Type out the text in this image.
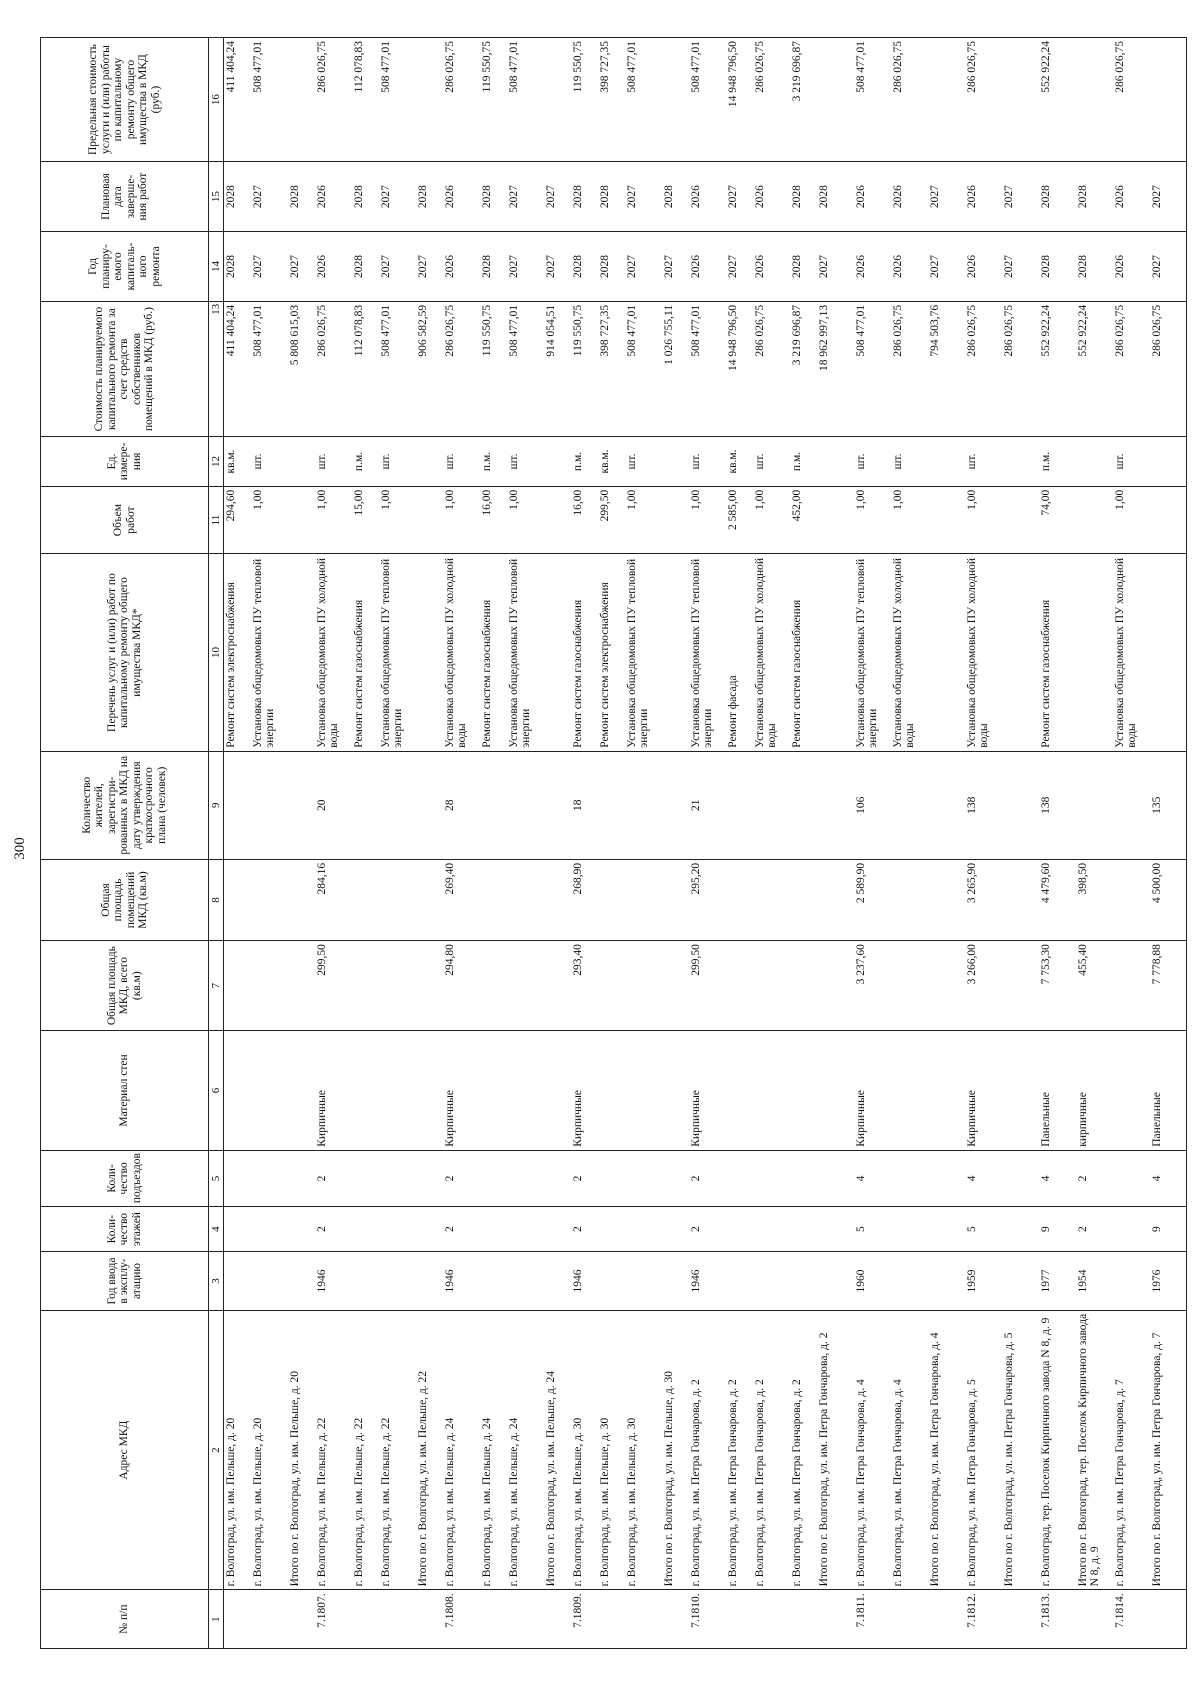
300
№ п/п	Адрес МКД	Год ввода в эксплу- атацию	Коли- чество этажей	Коли- чество подъездов	Материал стен	Общая площадь МКД, всего (кв.м)	Общая площадь помещений МКД (кв.м)	Количество жителей, зарегистри- рованных в МКД на дату утверждения краткосрочного плана (человек)	Перечень услуг и (или) работ по капитальному ремонту общего имущества МКД*	Объем работ	Ед. измере- ния	Стоимость планируемого капитального ремонта за счет средств собственников помещений в МКД (руб.)	Год планиру- емого капиталь- ного ремонта	Плановая дата заверше- ния работ	Предельная стоимость услуги и (или) работы по капитальному ремонту общего имущества в МКД (руб.)
1	2	3	4	5	6	7	8	9	10	11	12	13	14	15	16
	г. Волгоград, ул. им. Пельше, д. 20								Ремонт систем электроснабжения	294,60	кв.м.	411 404,24	2028	2028	411 404,24
	г. Волгоград, ул. им. Пельше, д. 20								Установка общедомовых ПУ тепловой энергии	1,00	шт.	508 477,01	2027	2027	508 477,01
	Итого по г. Волгоград, ул. им. Пельше, д. 20											5 808 615,03	2027	2028	
7.1807.	г. Волгоград, ул. им. Пельше, д. 22	1946	2	2	Кирпичные	299,50	284,16	20	Установка общедомовых ПУ холодной воды	1,00	шт.	286 026,75	2026	2026	286 026,75
	г. Волгоград, ул. им. Пельше, д. 22								Ремонт систем газоснабжения	15,00	п.м.	112 078,83	2028	2028	112 078,83
	г. Волгоград, ул. им. Пельше, д. 22								Установка общедомовых ПУ тепловой энергии	1,00	шт.	508 477,01	2027	2027	508 477,01
	Итого по г. Волгоград, ул. им. Пельше, д. 22											906 582,59	2027	2028	
7.1808.	г. Волгоград, ул. им. Пельше, д. 24	1946	2	2	Кирпичные	294,80	269,40	28	Установка общедомовых ПУ холодной воды	1,00	шт.	286 026,75	2026	2026	286 026,75
	г. Волгоград, ул. им. Пельше, д. 24								Ремонт систем газоснабжения	16,00	п.м.	119 550,75	2028	2028	119 550,75
	г. Волгоград, ул. им. Пельше, д. 24								Установка общедомовых ПУ тепловой энергии	1,00	шт.	508 477,01	2027	2027	508 477,01
	Итого по г. Волгоград, ул. им. Пельше, д. 24											914 054,51	2027	2027	
7.1809.	г. Волгоград, ул. им. Пельше, д. 30	1946	2	2	Кирпичные	293,40	268,90	18	Ремонт систем газоснабжения	16,00	п.м.	119 550,75	2028	2028	119 550,75
	г. Волгоград, ул. им. Пельше, д. 30								Ремонт систем электроснабжения	299,50	кв.м.	398 727,35	2028	2028	398 727,35
	г. Волгоград, ул. им. Пельше, д. 30								Установка общедомовых ПУ тепловой энергии	1,00	шт.	508 477,01	2027	2027	508 477,01
	Итого по г. Волгоград, ул. им. Пельше, д. 30											1 026 755,11	2027	2028	
7.1810.	г. Волгоград, ул. им. Петра Гончарова, д. 2	1946	2	2	Кирпичные	299,50	295,20	21	Установка общедомовых ПУ тепловой энергии	1,00	шт.	508 477,01	2026	2026	508 477,01
	г. Волгоград, ул. им. Петра Гончарова, д. 2								Ремонт фасада	2 585,00	кв.м.	14 948 796,50	2027	2027	14 948 796,50
	г. Волгоград, ул. им. Петра Гончарова, д. 2								Установка общедомовых ПУ холодной воды	1,00	шт.	286 026,75	2026	2026	286 026,75
	г. Волгоград, ул. им. Петра Гончарова, д. 2								Ремонт систем газоснабжения	452,00	п.м.	3 219 696,87	2028	2028	3 219 696,87
	Итого по г. Волгоград, ул. им. Петра Гончарова, д. 2											18 962 997,13	2027	2028	
7.1811.	г. Волгоград, ул. им. Петра Гончарова, д. 4	1960	5	4	Кирпичные	3 237,60	2 589,90	106	Установка общедомовых ПУ тепловой энергии	1,00	шт.	508 477,01	2026	2026	508 477,01
	г. Волгоград, ул. им. Петра Гончарова, д. 4								Установка общедомовых ПУ холодной воды	1,00	шт.	286 026,75	2026	2026	286 026,75
	Итого по г. Волгоград, ул. им. Петра Гончарова, д. 4											794 503,76	2027	2027	
7.1812.	г. Волгоград, ул. им. Петра Гончарова, д. 5	1959	5	4	Кирпичные	3 266,00	3 265,90	138	Установка общедомовых ПУ холодной воды	1,00	шт.	286 026,75	2026	2026	286 026,75
	Итого по г. Волгоград, ул. им. Петра Гончарова, д. 5											286 026,75	2027	2027	
7.1813.	г. Волгоград, тер. Поселок Кирпичного завода N 8, д. 9	1977	9	4	Панельные	7 753,30	4 479,60	138	Ремонт систем газоснабжения	74,00	п.м.	552 922,24	2028	2028	552 922,24
	Итого по г. Волгоград, тер. Поселок Кирпичного завода N 8, д. 9	1954	2	2	кирпичные	455,40	398,50					552 922,24	2028	2028	
7.1814.	г. Волгоград, ул. им. Петра Гончарова, д. 7								Установка общедомовых ПУ холодной воды	1,00	шт.	286 026,75	2026	2026	286 026,75
	Итого по г. Волгоград, ул. им. Петра Гончарова, д. 7	1976	9	4	Панельные	7 778,88	4 500,00	135				286 026,75	2027	2027	
